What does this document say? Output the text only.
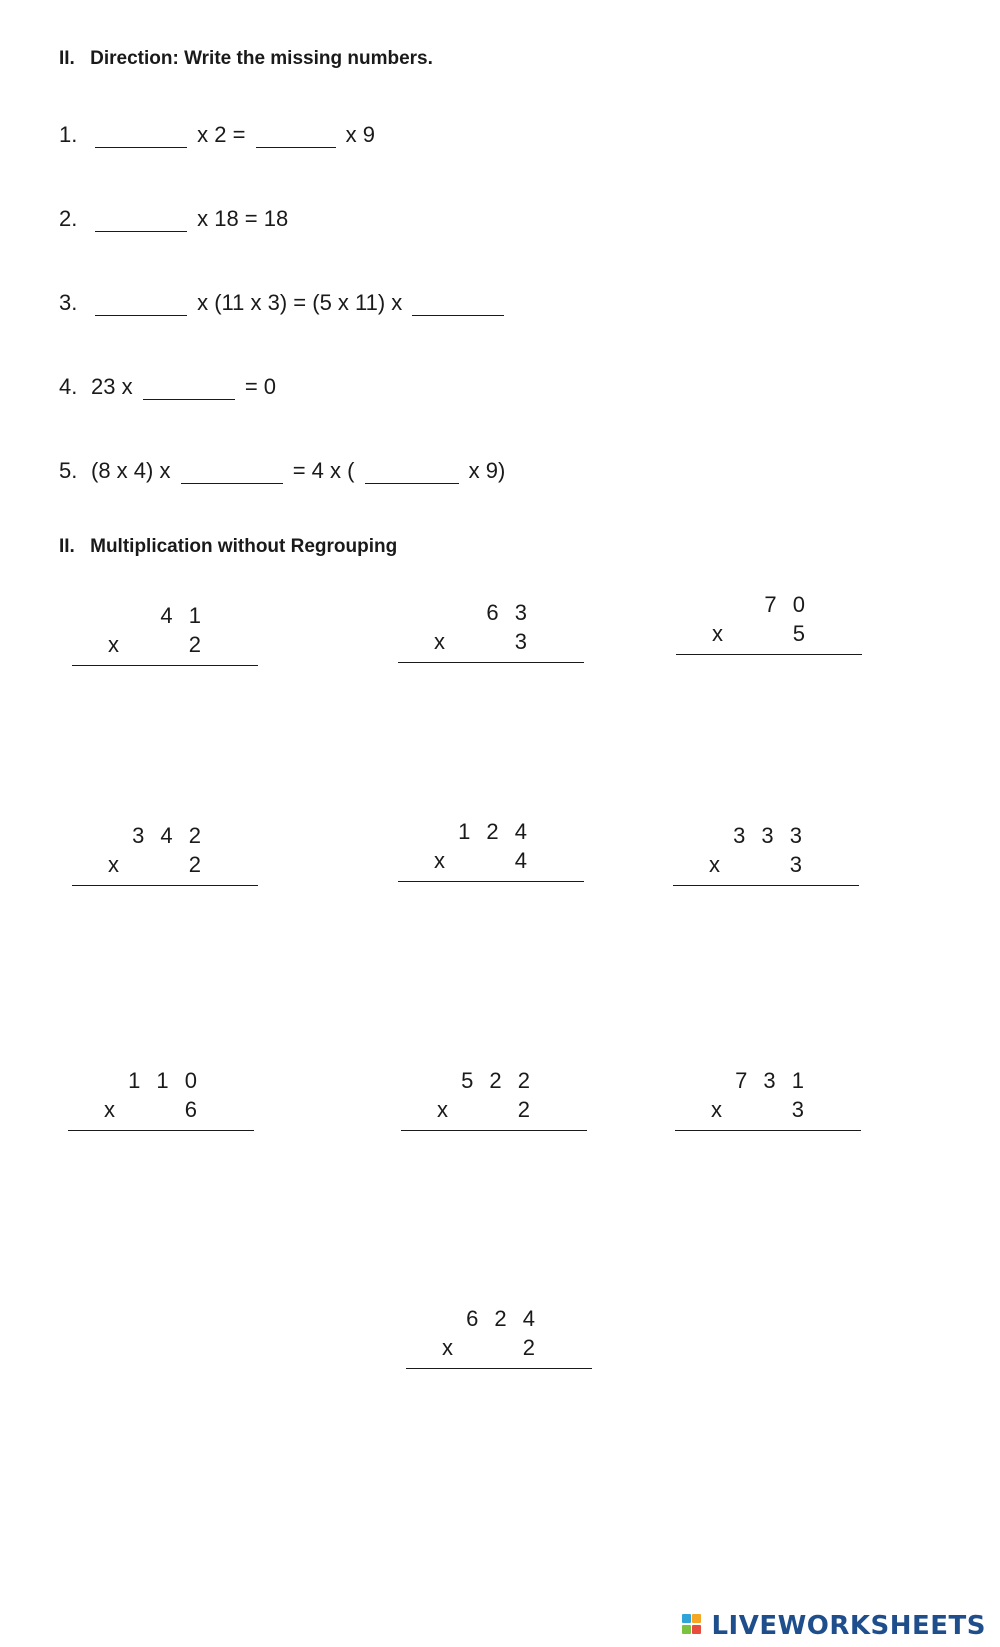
II. Direction: Write the missing numbers.
1.	x 2 =	x 9
2.	x 18 = 18
3.	x (11 x 3) = (5 x 11) x
4. 23 x	= 0
5. (8 x 4) x	= 4 x (	x 9)
II. Multiplication without Regrouping
4 1
x	2
6 3
x	3
7 0
x	5
3 4 2
x	2
1 2 4
x	4
3 3 3
x	3
1 1 0
x	6
5 2 2
x	2
7 3 1
x	3
6 2 4
x	2
LIVEWORKSHEETS
